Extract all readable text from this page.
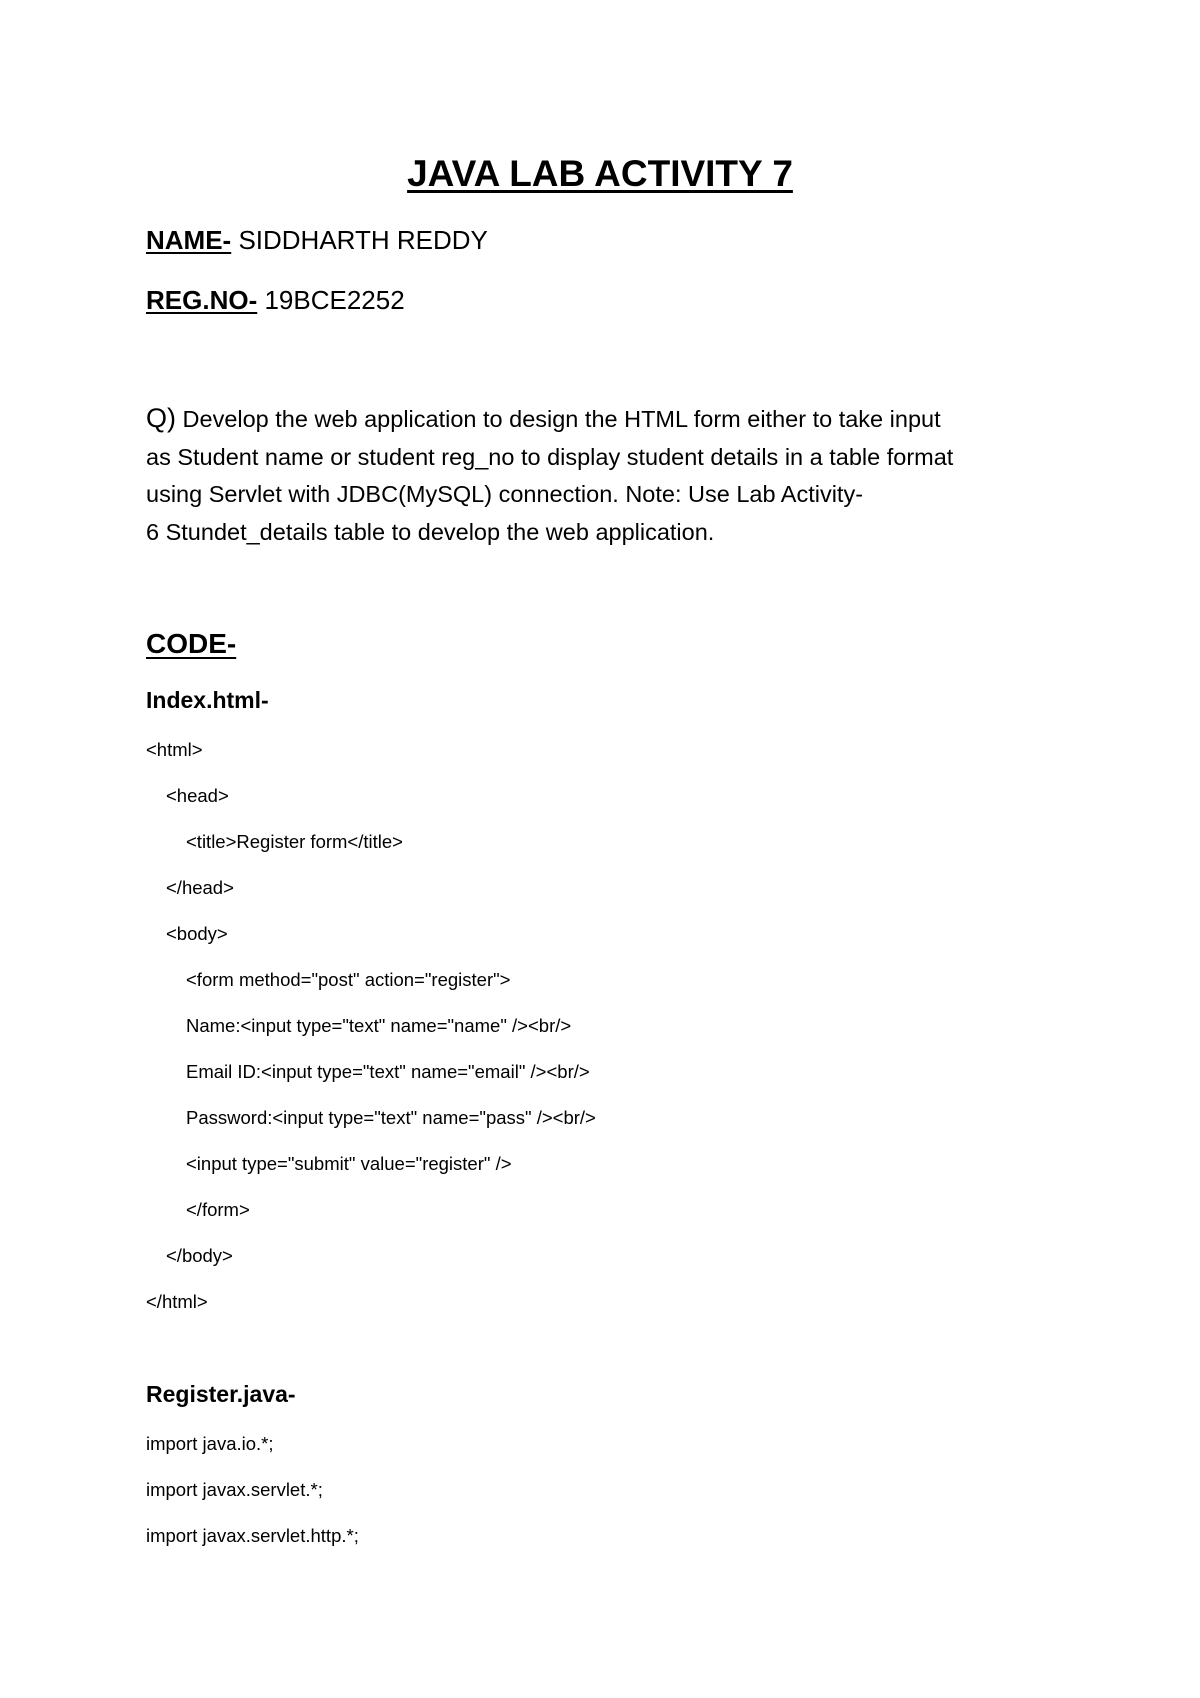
JAVA LAB ACTIVITY 7
NAME- SIDDHARTH REDDY
REG.NO- 19BCE2252
Q) Develop the web application to design the HTML form either to take input
as Student name or student reg_no to display student details in a table format
using Servlet with JDBC(MySQL) connection. Note: Use Lab Activity-
6 Stundet_details table to develop the web application.
CODE-
Index.html-
<html>
<head>
<title>Register form</title>
</head>
<body>
<form method="post" action="register">
Name:<input type="text" name="name" /><br/>
Email ID:<input type="text" name="email" /><br/>
Password:<input type="text" name="pass" /><br/>
<input type="submit" value="register" />
</form>
</body>
</html>
Register.java-
import java.io.*;
import javax.servlet.*;
import javax.servlet.http.*;
